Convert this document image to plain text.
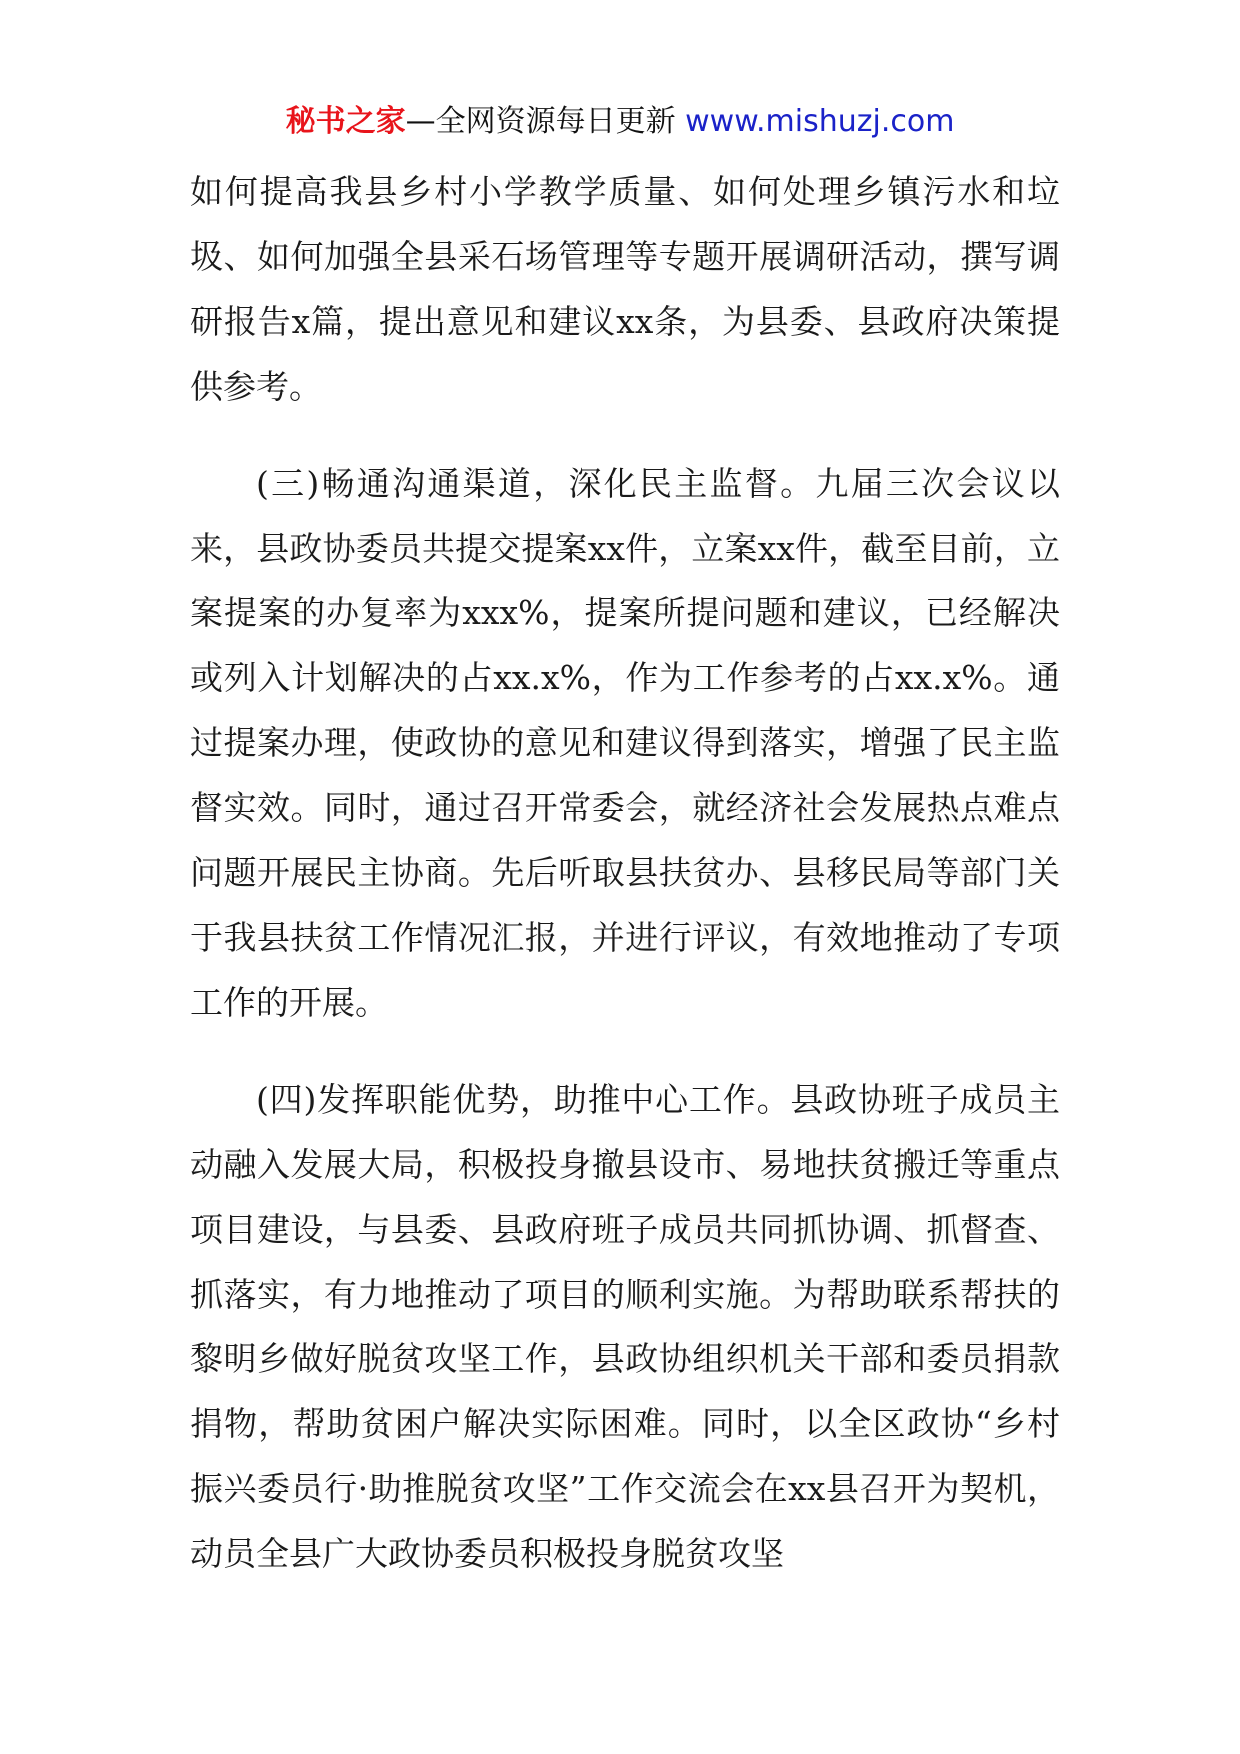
秘书之家—全网资源每日更新 www.mishuzj.com

如何提高我县乡村小学教学质量、如何处理乡镇污水和垃圾、如何加强全县采石场管理等专题开展调研活动，撰写调研报告x篇，提出意见和建议xx条，为县委、县政府决策提供参考。

(三)畅通沟通渠道，深化民主监督。九届三次会议以来，县政协委员共提交提案xx件，立案xx件，截至目前，立案提案的办复率为xxx%，提案所提问题和建议，已经解决或列入计划解决的占xx.x%，作为工作参考的占xx.x%。通过提案办理，使政协的意见和建议得到落实，增强了民主监督实效。同时，通过召开常委会，就经济社会发展热点难点问题开展民主协商。先后听取县扶贫办、县移民局等部门关于我县扶贫工作情况汇报，并进行评议，有效地推动了专项工作的开展。

(四)发挥职能优势，助推中心工作。县政协班子成员主动融入发展大局，积极投身撤县设市、易地扶贫搬迁等重点项目建设，与县委、县政府班子成员共同抓协调、抓督查、抓落实，有力地推动了项目的顺利实施。为帮助联系帮扶的黎明乡做好脱贫攻坚工作，县政协组织机关干部和委员捐款捐物，帮助贫困户解决实际困难。同时，以全区政协“乡村振兴委员行·助推脱贫攻坚”工作交流会在xx县召开为契机，动员全县广大政协委员积极投身脱贫攻坚
